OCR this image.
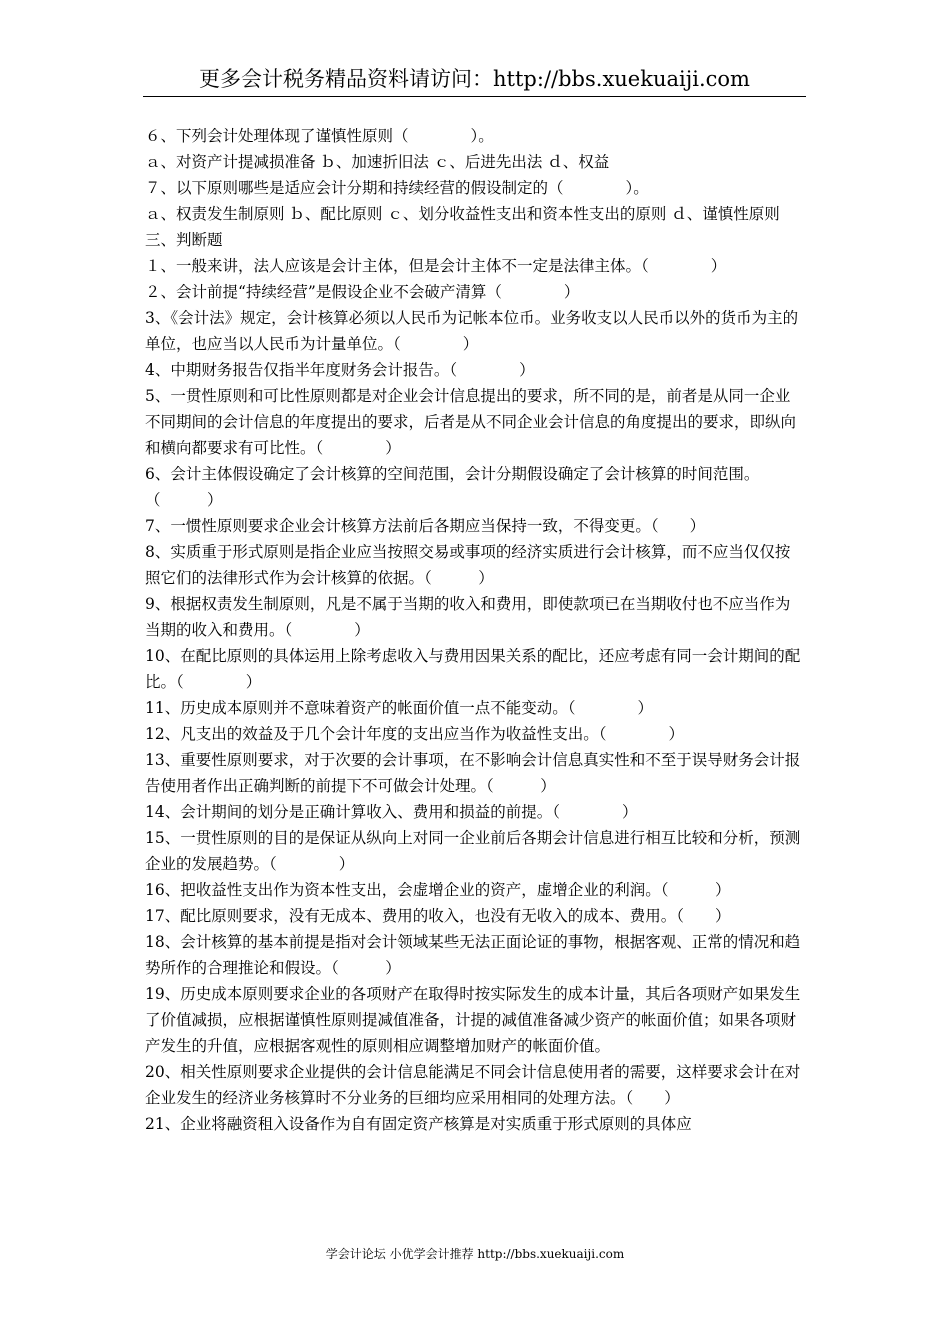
更多会计税务精品资料请访问：http://bbs.xuekuaiji.com
６、下列会计处理体现了谨慎性原则（　　　　）。
ａ、对资产计提减损准备 ｂ、加速折旧法 ｃ、后进先出法 ｄ、权益
７、以下原则哪些是适应会计分期和持续经营的假设制定的（　　　　）。
ａ、权责发生制原则 ｂ、配比原则 ｃ、划分收益性支出和资本性支出的原则 ｄ、谨慎性原则
三、判断题
１、一般来讲，法人应该是会计主体，但是会计主体不一定是法律主体。（　　　　）
２、会计前提“持续经营”是假设企业不会破产清算（　　　　）
3、《会计法》规定，会计核算必须以人民币为记帐本位币。业务收支以人民币以外的货币为主的单位，也应当以人民币为计量单位。（　　　　）
4、中期财务报告仅指半年度财务会计报告。（　　　　）
5、一贯性原则和可比性原则都是对企业会计信息提出的要求，所不同的是，前者是从同一企业不同期间的会计信息的年度提出的要求，后者是从不同企业会计信息的角度提出的要求，即纵向和横向都要求有可比性。（　　　　）
6、会计主体假设确定了会计核算的空间范围，会计分期假设确定了会计核算的时间范围。（　　　）
7、一惯性原则要求企业会计核算方法前后各期应当保持一致，不得变更。（　　）
8、实质重于形式原则是指企业应当按照交易或事项的经济实质进行会计核算，而不应当仅仅按照它们的法律形式作为会计核算的依据。（　　　）
9、根据权责发生制原则，凡是不属于当期的收入和费用，即使款项已在当期收付也不应当作为当期的收入和费用。（　　　　）
10、在配比原则的具体运用上除考虑收入与费用因果关系的配比，还应考虑有同一会计期间的配比。（　　　　）
11、历史成本原则并不意味着资产的帐面价值一点不能变动。（　　　　）
12、凡支出的效益及于几个会计年度的支出应当作为收益性支出。（　　　　）
13、重要性原则要求，对于次要的会计事项，在不影响会计信息真实性和不至于误导财务会计报告使用者作出正确判断的前提下不可做会计处理。（　　　）
14、会计期间的划分是正确计算收入、费用和损益的前提。（　　　　）
15、一贯性原则的目的是保证从纵向上对同一企业前后各期会计信息进行相互比较和分析，预测企业的发展趋势。（　　　　）
16、把收益性支出作为资本性支出，会虚增企业的资产，虚增企业的利润。（　　　）
17、配比原则要求，没有无成本、费用的收入，也没有无收入的成本、费用。（　　）
18、会计核算的基本前提是指对会计领域某些无法正面论证的事物，根据客观、正常的情况和趋势所作的合理推论和假设。（　　　）
19、历史成本原则要求企业的各项财产在取得时按实际发生的成本计量，其后各项财产如果发生了价值减损，应根据谨慎性原则提减值准备，计提的减值准备减少资产的帐面价值；如果各项财产发生的升值，应根据客观性的原则相应调整增加财产的帐面价值。
20、相关性原则要求企业提供的会计信息能满足不同会计信息使用者的需要，这样要求会计在对企业发生的经济业务核算时不分业务的巨细均应采用相同的处理方法。（　　）
21、企业将融资租入设备作为自有固定资产核算是对实质重于形式原则的具体应
学会计论坛 小优学会计推荐 http://bbs.xuekuaiji.com
